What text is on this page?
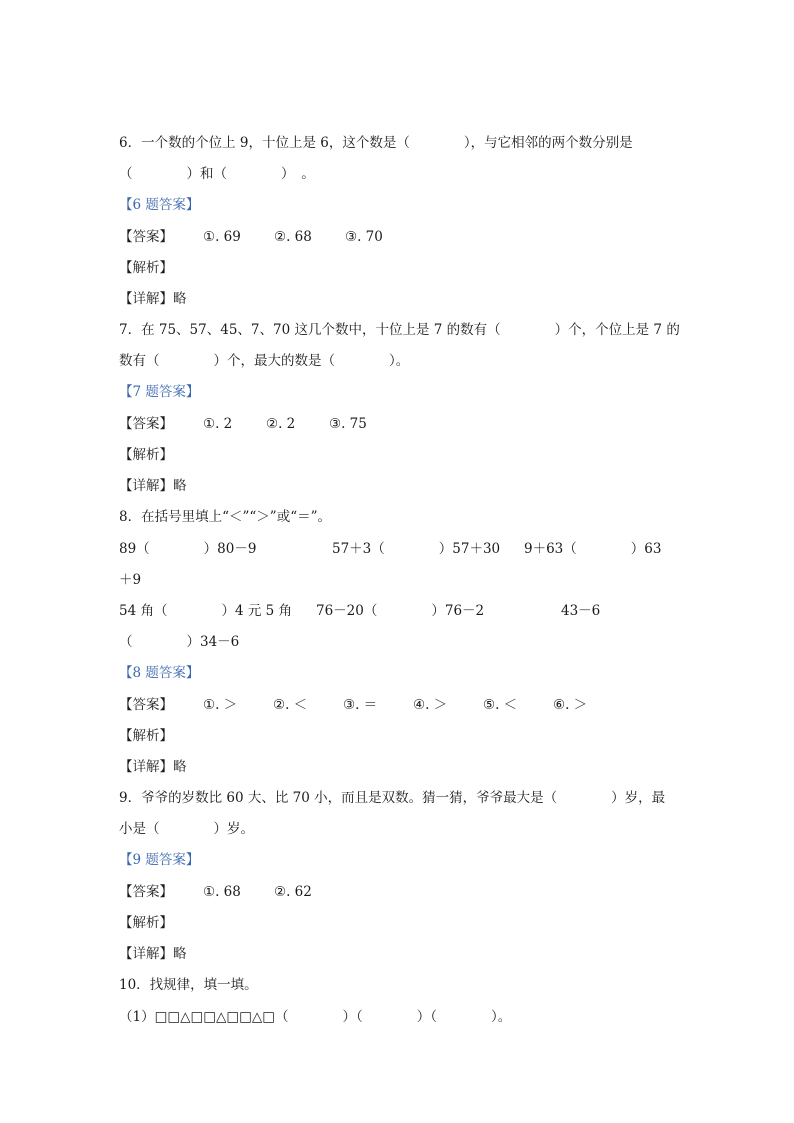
6．一个数的个位上 9，十位上是 6，这个数是（　　　　），与它相邻的两个数分别是
（　　　　）和（　　　　）　。
【6 题答案】
【答案】 ①. 69 ②. 68 ③. 70
【解析】
【详解】略
7．在 75、57、45、7、70 这几个数中，十位上是 7 的数有（　　　　）个，个位上是 7 的
数有（　　　　）个，最大的数是（　　　　）。
【7 题答案】
【答案】 ①. 2 ②. 2 ③. 75
【解析】
【详解】略
8．在括号里填上“＜”“＞”或“＝”。
89（　　　　）80－9	57＋3（　　　　）57＋30 9＋63（　　　　）63
＋9
54 角（　　　　）4 元 5 角 76－20（　　　　）76－2	43－6
（　　　　）34－6
【8 题答案】
【答案】 ①. ＞	②. ＜	③. ＝	④. ＞	⑤. ＜	⑥. ＞
【解析】
【详解】略
9．爷爷的岁数比 60 大、比 70 小，而且是双数。猜一猜，爷爷最大是（　　　　）岁，最
小是（　　　　）岁。
【9 题答案】
【答案】 ①. 68 ②. 62
【解析】
【详解】略
10．找规律，填一填。
（1）□□△□□△□□△□（　　　　）（　　　　）（　　　　）。
